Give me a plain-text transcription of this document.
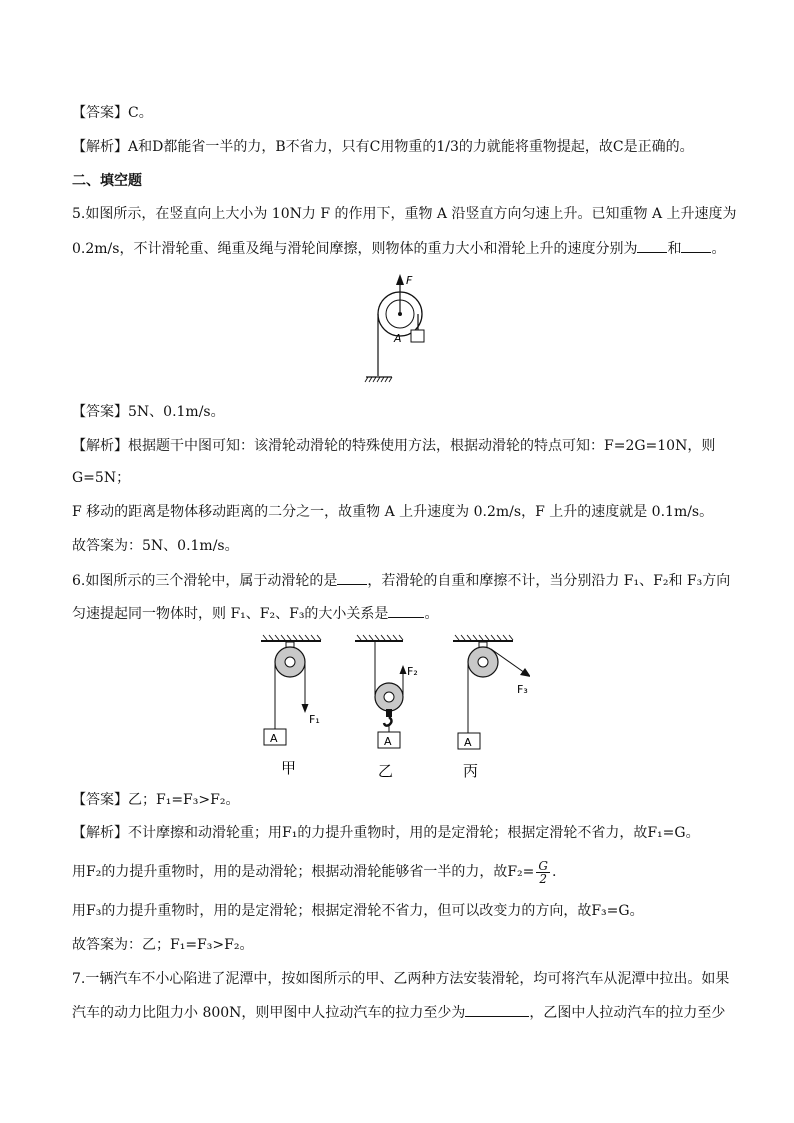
【答案】C。
【解析】A和D都能省一半的力，B不省力，只有C用物重的1/3的力就能将重物提起，故C是正确的。
二、填空题
5.如图所示，在竖直向上大小为 10N力 F 的作用下，重物 A 沿竖直方向匀速上升。已知重物 A 上升速度为
0.2m/s，不计滑轮重、绳重及绳与滑轮间摩擦，则物体的重力大小和滑轮上升的速度分别为 和 。
F
A
【答案】5N、0.1m/s。
【解析】根据题干中图可知：该滑轮动滑轮的特殊使用方法，根据动滑轮的特点可知：F=2G=10N，则
G=5N；
F 移动的距离是物体移动距离的二分之一，故重物 A 上升速度为 0.2m/s，F 上升的速度就是 0.1m/s。
故答案为：5N、0.1m/s。
6.如图所示的三个滑轮中，属于动滑轮的是 ，若滑轮的自重和摩擦不计，当分别沿力 F₁、F₂和 F₃方向
匀速提起同一物体时，则 F₁、F₂、F₃的大小关系是	。
F₁
A
甲
F₂
A
乙
F₃
A
丙
【答案】乙；F₁=F₃>F₂。
【解析】不计摩擦和动滑轮重；用F₁的力提升重物时，用的是定滑轮；根据定滑轮不省力，故F₁=G。
用F₂的力提升重物时，用的是动滑轮；根据动滑轮能够省一半的力，故$F_2= \frac{G}{2}$ .
用F₃的力提升重物时，用的是定滑轮；根据定滑轮不省力，但可以改变力的方向，故F₃=G。
故答案为：乙；F₁=F₃>F₂。
7.一辆汽车不小心陷进了泥潭中，按如图所示的甲、乙两种方法安装滑轮，均可将汽车从泥潭中拉出。如果
汽车的动力比阻力小 800N，则甲图中人拉动汽车的拉力至少为	，乙图中人拉动汽车的拉力至少
